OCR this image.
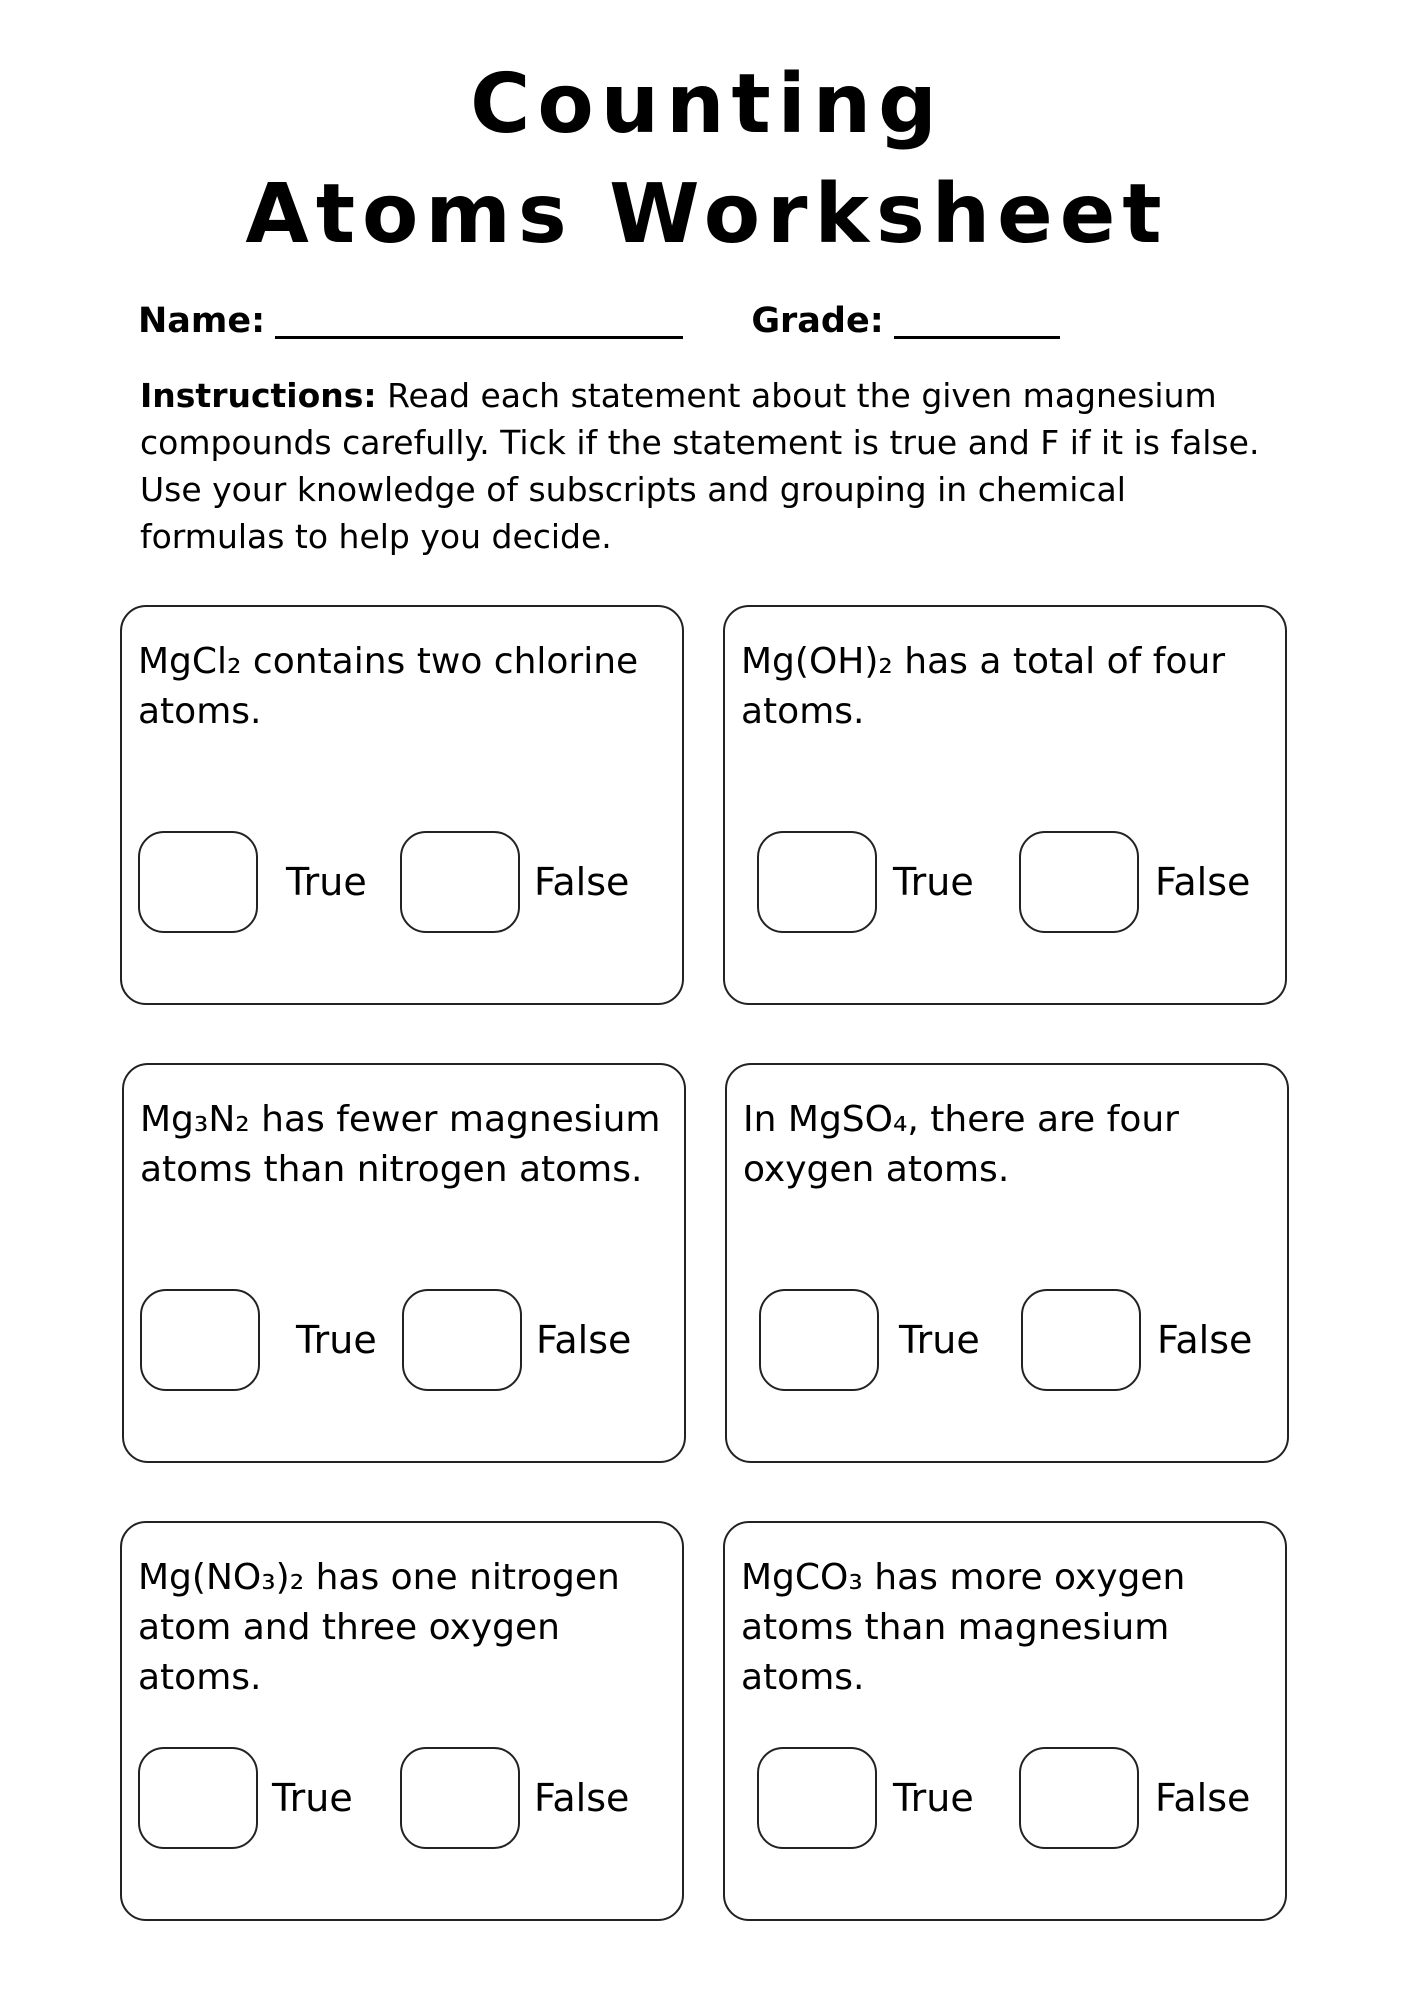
Counting
Atoms Worksheet
Name:	Grade:

Instructions: Read each statement about the given magnesium compounds carefully. Tick if the statement is true and F if it is false. Use your knowledge of subscripts and grouping in chemical formulas to help you decide.

MgCl₂ contains two chlorine atoms.

True	False

Mg(OH)₂ has a total of four atoms.

True	False

Mg₃N₂ has fewer magnesium atoms than nitrogen atoms.

True	False

In MgSO₄, there are four oxygen atoms.

True	False

Mg(NO₃)₂ has one nitrogen atom and three oxygen atoms.

True	False

MgCO₃ has more oxygen atoms than magnesium atoms.

True	False
